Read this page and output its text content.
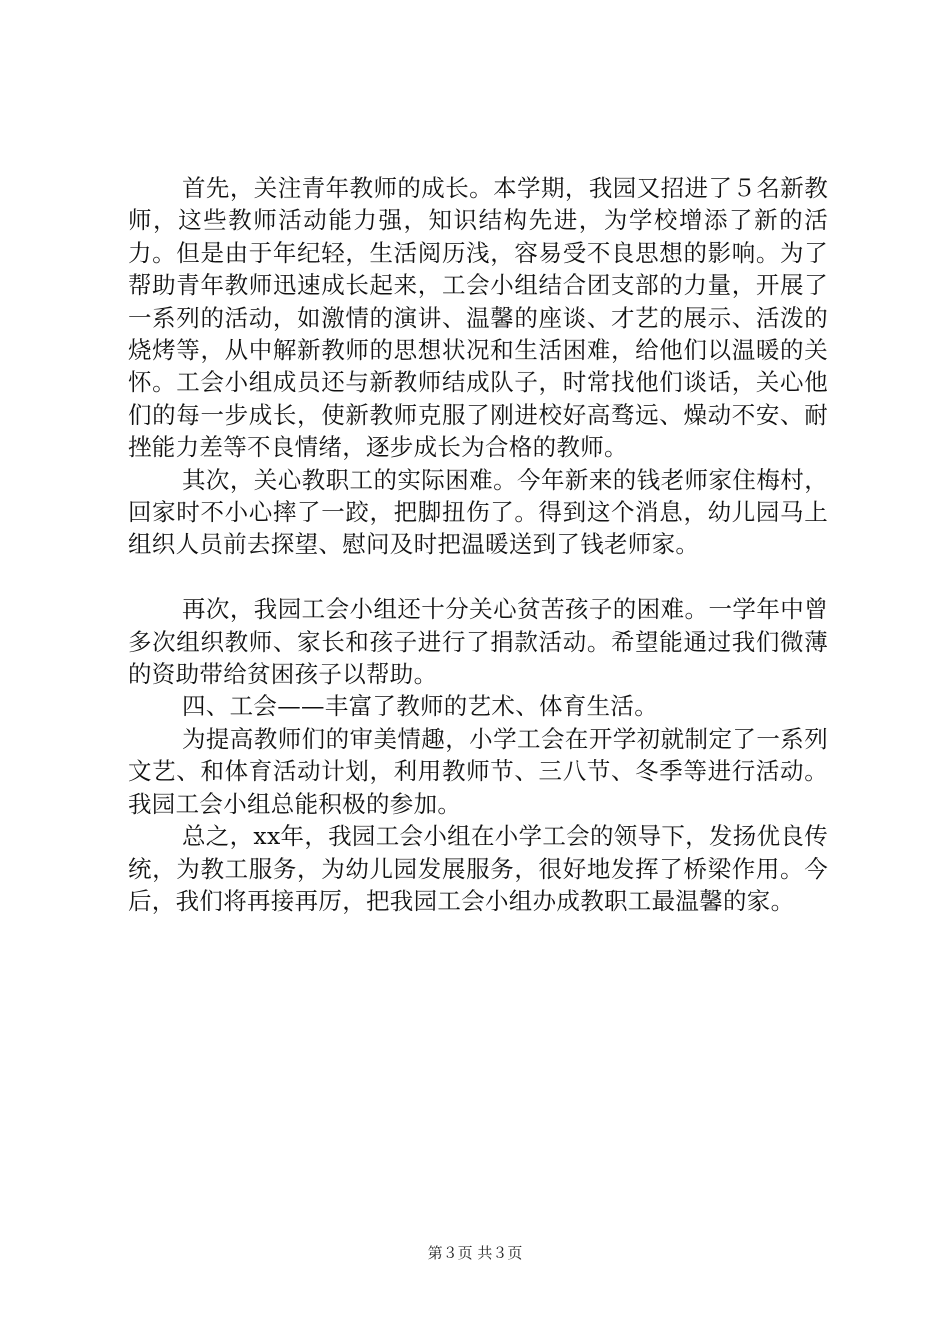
首先，关注青年教师的成长。本学期，我园又招进了５名新教师，这些教师活动能力强，知识结构先进，为学校增添了新的活力。但是由于年纪轻，生活阅历浅，容易受不良思想的影响。为了帮助青年教师迅速成长起来，工会小组结合团支部的力量，开展了一系列的活动，如激情的演讲、温馨的座谈、才艺的展示、活泼的烧烤等，从中解新教师的思想状况和生活困难，给他们以温暖的关怀。工会小组成员还与新教师结成队子，时常找他们谈话，关心他们的每一步成长，使新教师克服了刚进校好高骛远、燥动不安、耐挫能力差等不良情绪，逐步成长为合格的教师。

其次，关心教职工的实际困难。今年新来的钱老师家住梅村，回家时不小心摔了一跤，把脚扭伤了。得到这个消息，幼儿园马上组织人员前去探望、慰问及时把温暖送到了钱老师家。

再次，我园工会小组还十分关心贫苦孩子的困难。一学年中曾多次组织教师、家长和孩子进行了捐款活动。希望能通过我们微薄的资助带给贫困孩子以帮助。

四、工会——丰富了教师的艺术、体育生活。

为提高教师们的审美情趣，小学工会在开学初就制定了一系列文艺、和体育活动计划，利用教师节、三八节、冬季等进行活动。我园工会小组总能积极的参加。

总之，xx年，我园工会小组在小学工会的领导下，发扬优良传统，为教工服务，为幼儿园发展服务，很好地发挥了桥梁作用。今后，我们将再接再厉，把我园工会小组办成教职工最温馨的家。

第３页 共３页
